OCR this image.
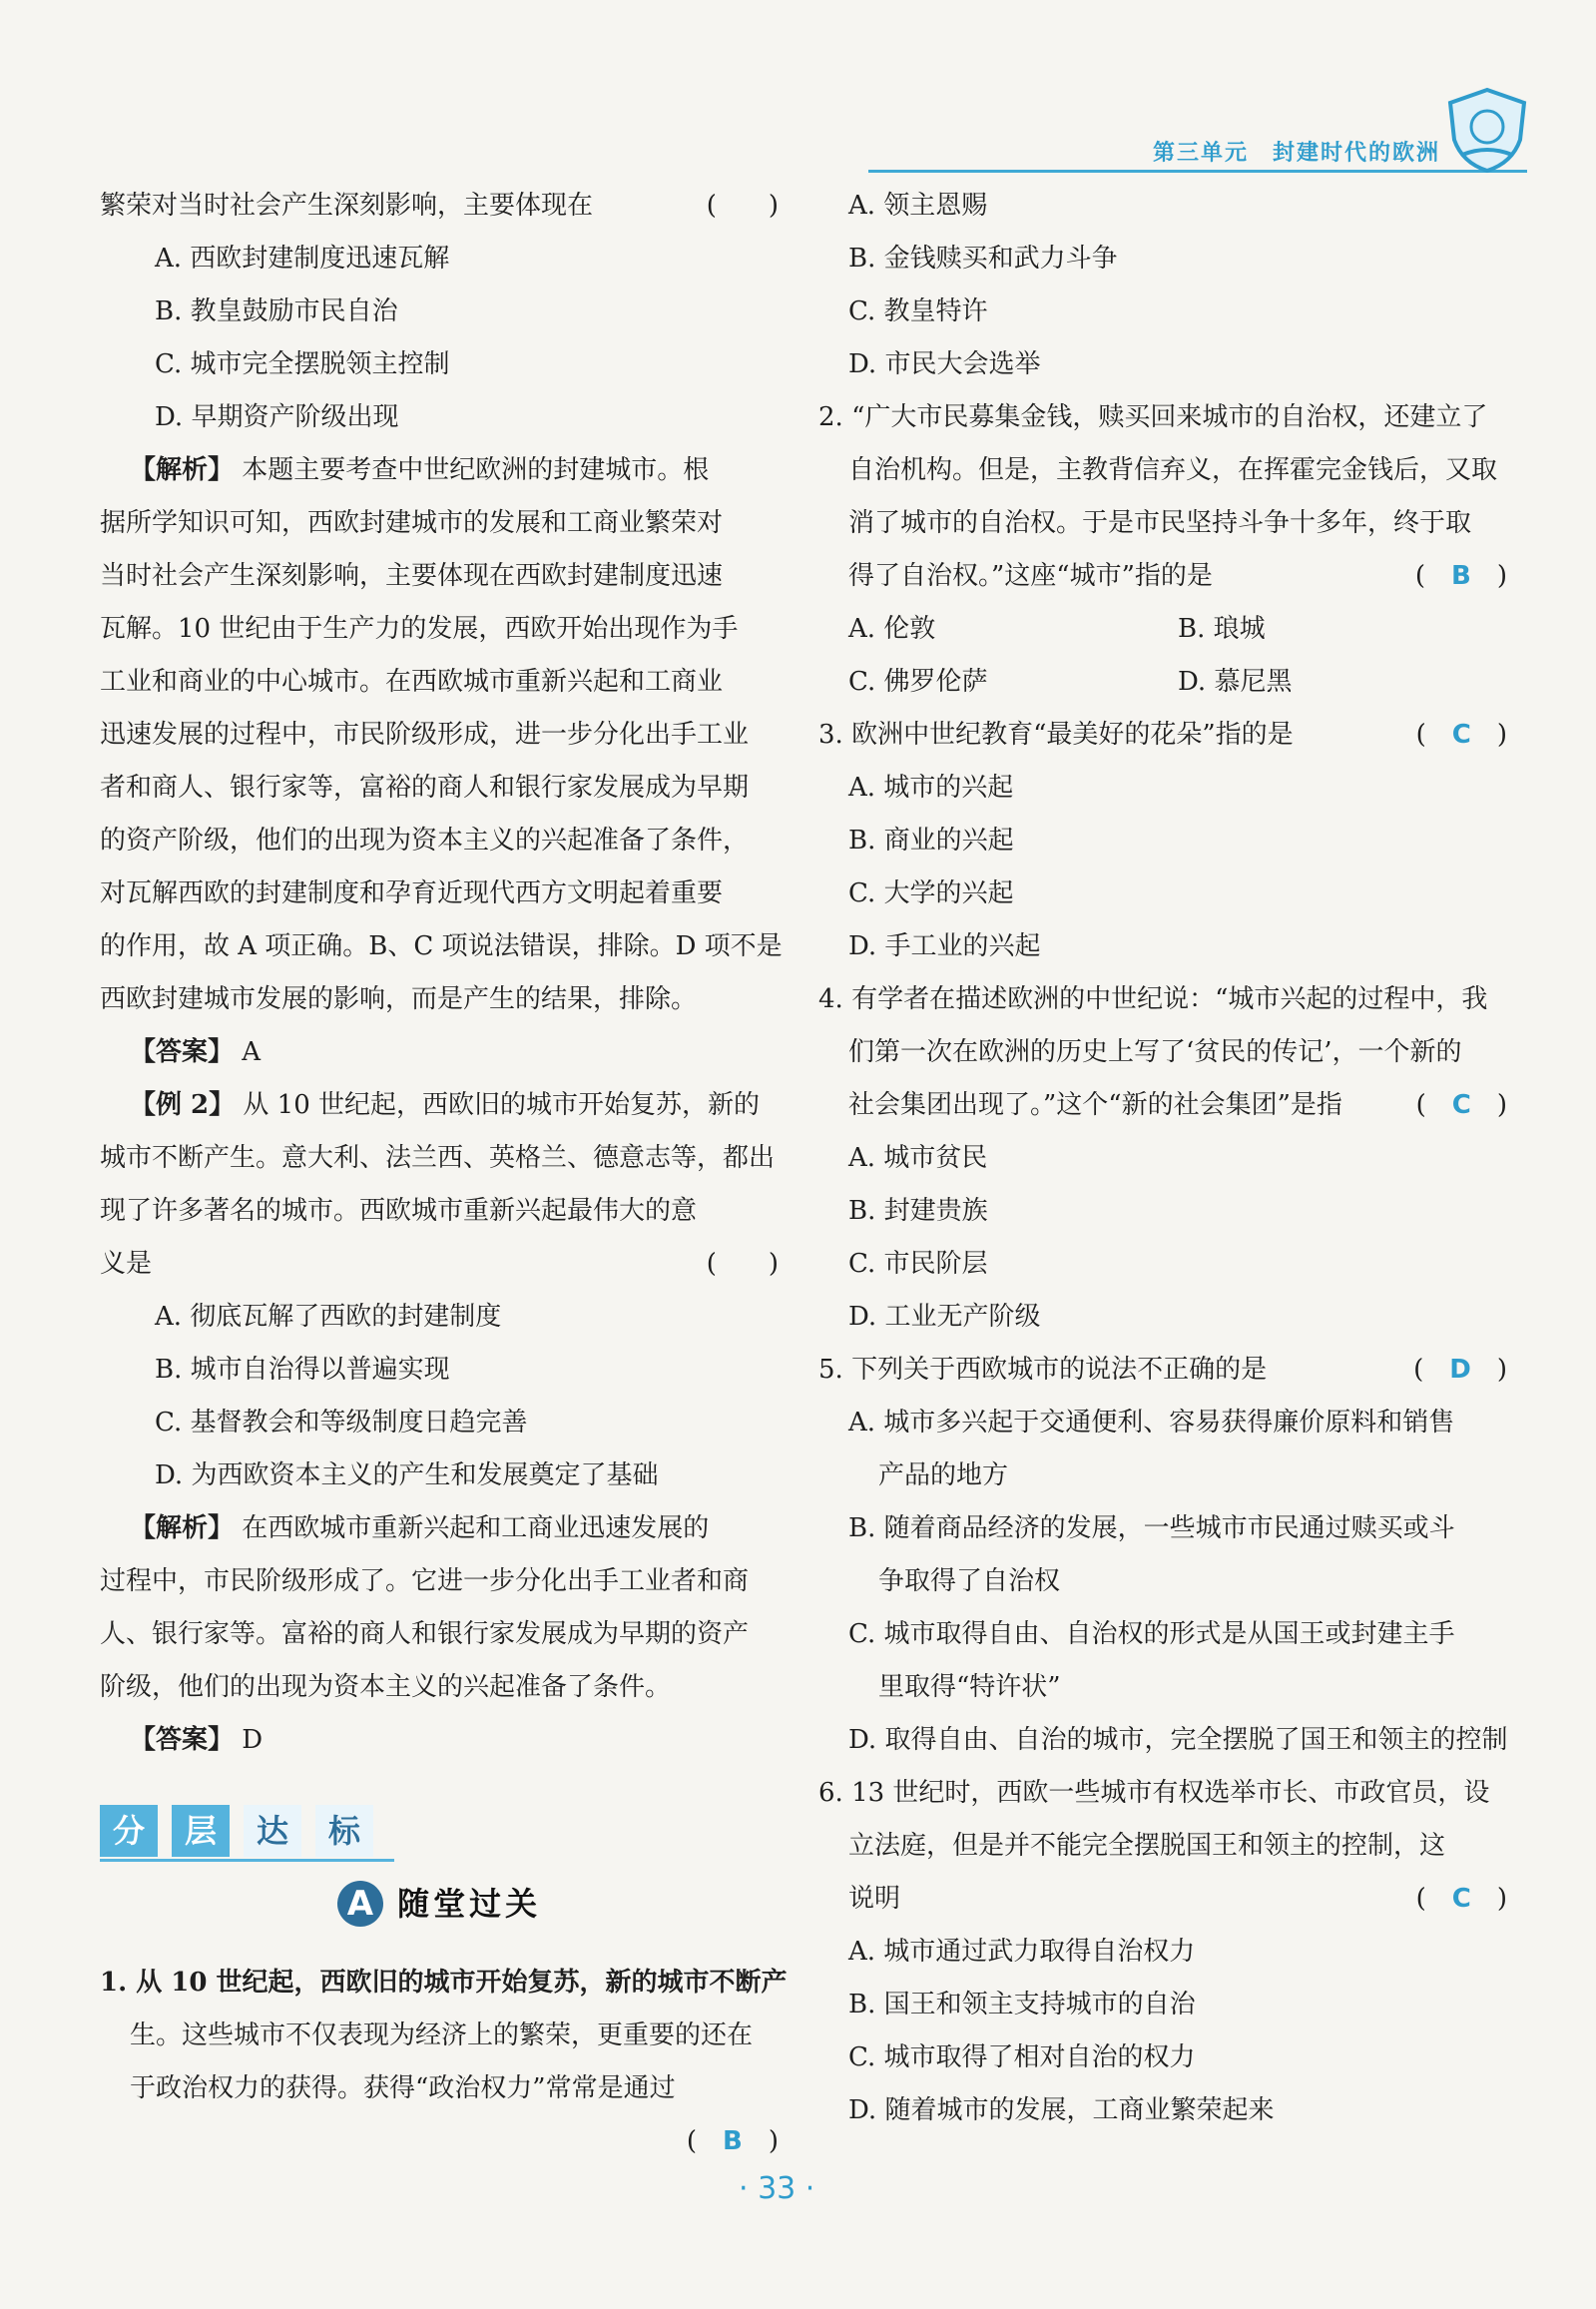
第三单元　封建时代的欧洲
繁荣对当时社会产生深刻影响，主要体现在	(　　)
A. 西欧封建制度迅速瓦解
B. 教皇鼓励市民自治
C. 城市完全摆脱领主控制
D. 早期资产阶级出现
【解析】 本题主要考查中世纪欧洲的封建城市。根
据所学知识可知，西欧封建城市的发展和工商业繁荣对
当时社会产生深刻影响，主要体现在西欧封建制度迅速
瓦解。10 世纪由于生产力的发展，西欧开始出现作为手
工业和商业的中心城市。在西欧城市重新兴起和工商业
迅速发展的过程中，市民阶级形成，进一步分化出手工业
者和商人、银行家等，富裕的商人和银行家发展成为早期
的资产阶级，他们的出现为资本主义的兴起准备了条件，
对瓦解西欧的封建制度和孕育近现代西方文明起着重要
的作用，故 A 项正确。B、C 项说法错误，排除。D 项不是
西欧封建城市发展的影响，而是产生的结果，排除。
【答案】 A
【例 2】 从 10 世纪起，西欧旧的城市开始复苏，新的
城市不断产生。意大利、法兰西、英格兰、德意志等，都出
现了许多著名的城市。西欧城市重新兴起最伟大的意
义是	(　　)
A. 彻底瓦解了西欧的封建制度
B. 城市自治得以普遍实现
C. 基督教会和等级制度日趋完善
D. 为西欧资本主义的产生和发展奠定了基础
【解析】 在西欧城市重新兴起和工商业迅速发展的
过程中，市民阶级形成了。它进一步分化出手工业者和商
人、银行家等。富裕的商人和银行家发展成为早期的资产
阶级，他们的出现为资本主义的兴起准备了条件。
【答案】 D
分	层	达	标
A 随堂过关
1. 从 10 世纪起，西欧旧的城市开始复苏，新的城市不断产
生。这些城市不仅表现为经济上的繁荣，更重要的还在
于政治权力的获得。获得“政治权力”常常是通过
(　B　)
A. 领主恩赐
B. 金钱赎买和武力斗争
C. 教皇特许
D. 市民大会选举
2. “广大市民募集金钱，赎买回来城市的自治权，还建立了
自治机构。但是，主教背信弃义，在挥霍完金钱后，又取
消了城市的自治权。于是市民坚持斗争十多年，终于取
得了自治权。”这座“城市”指的是	(　B　)
A. 伦敦	B. 琅城
C. 佛罗伦萨	D. 慕尼黑
3. 欧洲中世纪教育“最美好的花朵”指的是	(　C　)
A. 城市的兴起
B. 商业的兴起
C. 大学的兴起
D. 手工业的兴起
4. 有学者在描述欧洲的中世纪说：“城市兴起的过程中，我
们第一次在欧洲的历史上写了‘贫民的传记’，一个新的
社会集团出现了。”这个“新的社会集团”是指	(　C　)
A. 城市贫民
B. 封建贵族
C. 市民阶层
D. 工业无产阶级
5. 下列关于西欧城市的说法不正确的是	(　D　)
A. 城市多兴起于交通便利、容易获得廉价原料和销售
产品的地方
B. 随着商品经济的发展，一些城市市民通过赎买或斗
争取得了自治权
C. 城市取得自由、自治权的形式是从国王或封建主手
里取得“特许状”
D. 取得自由、自治的城市，完全摆脱了国王和领主的控制
6. 13 世纪时，西欧一些城市有权选举市长、市政官员，设
立法庭，但是并不能完全摆脱国王和领主的控制，这
说明	(　C　)
A. 城市通过武力取得自治权力
B. 国王和领主支持城市的自治
C. 城市取得了相对自治的权力
D. 随着城市的发展，工商业繁荣起来
· 33 ·
